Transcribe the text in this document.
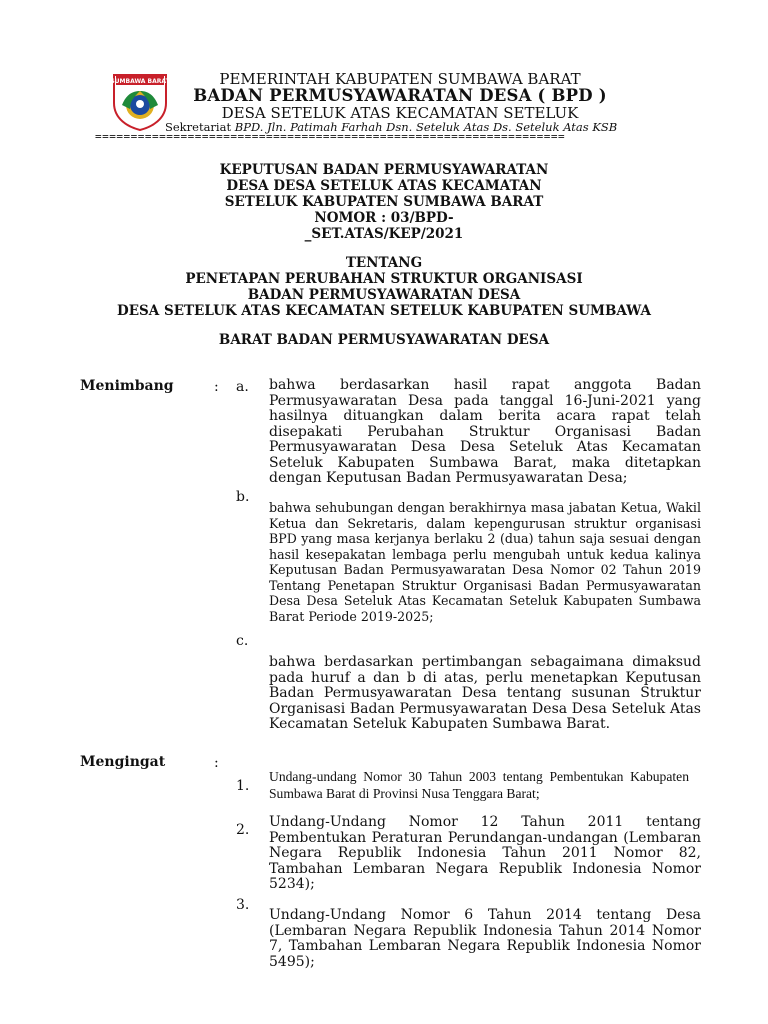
SUMBAWA BARAT	PEMERINTAH KABUPATEN SUMBAWA BARAT
BADAN PERMUSYAWARATAN DESA ( BPD )
DESA SETELUK ATAS KECAMATAN SETELUK
Sekretariat BPD. Jln. Patimah Farhah Dsn. Seteluk Atas Ds. Seteluk Atas KSB
==================================================================
KEPUTUSAN BADAN PERMUSYAWARATAN
DESA DESA SETELUK ATAS KECAMATAN
SETELUK KABUPATEN SUMBAWA BARAT
NOMOR : 03/BPD-
_SET.ATAS/KEP/2021
TENTANG
PENETAPAN PERUBAHAN STRUKTUR ORGANISASI
BADAN PERMUSYAWARATAN DESA
DESA SETELUK ATAS KECAMATAN SETELUK KABUPATEN SUMBAWA
BARAT BADAN PERMUSYAWARATAN DESA
Menimbang	: a. bahwa berdasarkan hasil rapat anggota Badan Permusyawaratan Desa pada tanggal 16-Juni-2021 yang hasilnya dituangkan dalam berita acara rapat telah disepakati Perubahan Struktur Organisasi Badan Permusyawaratan Desa Desa Seteluk Atas Kecamatan Seteluk Kabupaten Sumbawa Barat, maka ditetapkan dengan Keputusan Badan Permusyawaratan Desa;
b.
bahwa sehubungan dengan berakhirnya masa jabatan Ketua, Wakil Ketua dan Sekretaris, dalam kepengurusan struktur organisasi BPD yang masa kerjanya berlaku 2 (dua) tahun saja sesuai dengan hasil kesepakatan lembaga perlu mengubah untuk kedua kalinya Keputusan Badan Permusyawaratan Desa Nomor 02 Tahun 2019 Tentang Penetapan Struktur Organisasi Badan Permusyawaratan Desa Desa Seteluk Atas Kecamatan Seteluk Kabupaten Sumbawa Barat Periode 2019-2025;
c.
bahwa berdasarkan pertimbangan sebagaimana dimaksud pada huruf a dan b di atas, perlu menetapkan Keputusan Badan Permusyawaratan Desa tentang susunan Struktur Organisasi Badan Permusyawaratan Desa Desa Seteluk Atas Kecamatan Seteluk Kabupaten Sumbawa Barat.
Mengingat	:
1.
Undang-undang Nomor 30 Tahun 2003 tentang Pembentukan Kabupaten Sumbawa Barat di Provinsi Nusa Tenggara Barat;
2. Undang-Undang Nomor 12 Tahun 2011 tentang Pembentukan Peraturan Perundangan-undangan (Lembaran Negara Republik Indonesia Tahun 2011 Nomor 82, Tambahan Lembaran Negara Republik Indonesia Nomor 5234);
3.
Undang-Undang Nomor 6 Tahun 2014 tentang Desa (Lembaran Negara Republik Indonesia Tahun 2014 Nomor 7, Tambahan Lembaran Negara Republik Indonesia Nomor 5495);
